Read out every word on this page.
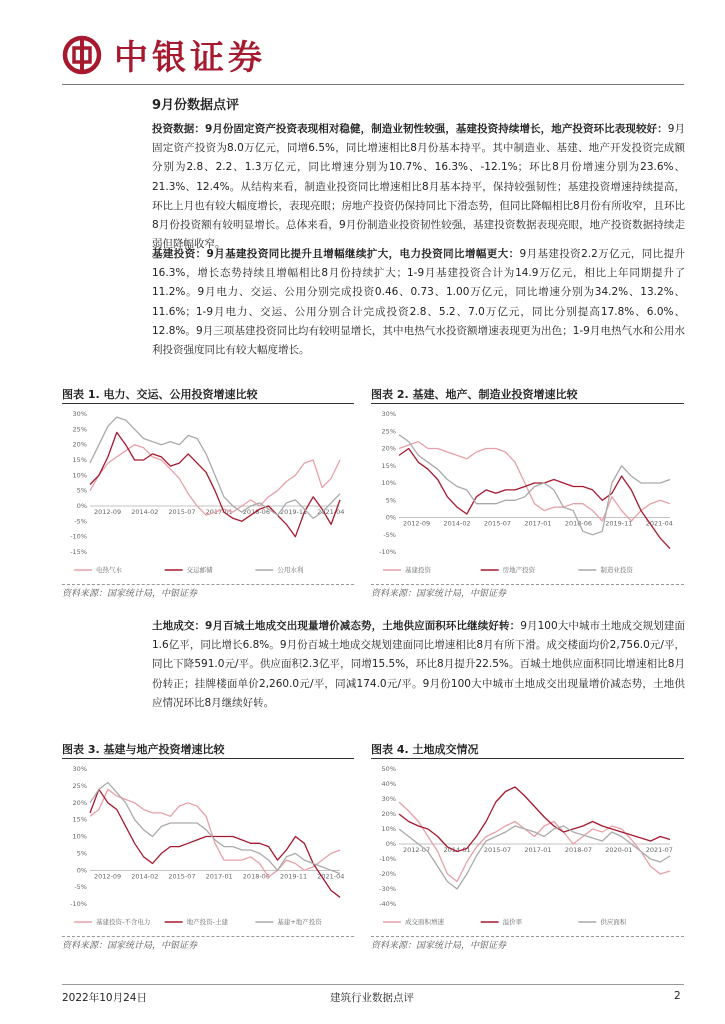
中银证券
9月份数据点评
投资数据：9月份固定资产投资表现相对稳健，制造业韧性较强，基建投资持续增长，地产投资环比表现较好：9月固定资产投资为8.0万亿元，同增6.5%，同比增速相比8月份基本持平。其中制造业、基建、地产开发投资完成额分别为2.8、2.2、1.3万亿元，同比增速分别为10.7%、16.3%、-12.1%；环比8月份增速分别为23.6%、21.3%、12.4%。从结构来看，制造业投资同比增速相比8月基本持平，保持较强韧性；基建投资增速持续提高，环比上月也有较大幅度增长，表现亮眼；房地产投资仍保持同比下滑态势，但同比降幅相比8月份有所收窄，且环比8月份投资额有较明显增长。总体来看，9月份制造业投资韧性较强，基建投资数据表现亮眼，地产投资数据持续走弱但降幅收窄。
基建投资：9月基建投资同比提升且增幅继续扩大，电力投资同比增幅更大：9月基建投资2.2万亿元，同比提升16.3%，增长态势持续且增幅相比8月份持续扩大；1-9月基建投资合计为14.9万亿元，相比上年同期提升了11.2%。9月电力、交运、公用分别完成投资0.46、0.73、1.00万亿元，同比增速分别为34.2%、13.2%、11.6%；1-9月电力、交运、公用分别合计完成投资2.8、5.2、7.0万亿元，同比分别提高17.8%、6.0%、12.8%。9月三项基建投资同比均有较明显增长，其中电热气水投资额增速表现更为出色；1-9月电热气水和公用水利投资强度同比有较大幅度增长。
图表 1. 电力、交运、公用投资增速比较
30%
25%
20%
15%
10%
5%
0%
-5%
-10%
-15%
2012-09 2014-02 2015-07 2017-01 2018-06 2019-11 2021-04
电热气水	交运邮储	公用水利
资料来源：国家统计局，中银证券
图表 2. 基建、地产、制造业投资增速比较
30%
25%
20%
15%
10%
5%
0%
-5%
-10%
2012-09 2014-02 2015-07 2017-01 2018-06 2019-11 2021-04
基建投资	房地产投资	制造业投资
资料来源：国家统计局，中银证券
土地成交：9月百城土地成交出现量增价减态势，土地供应面积环比继续好转：9月100大中城市土地成交规划建面1.6亿平，同比增长6.8%。9月份百城土地成交规划建面同比增速相比8月有所下滑。成交楼面均价2,756.0元/平，同比下降591.0元/平。供应面积2.3亿平，同增15.5%，环比8月提升22.5%。百城土地供应面积同比增速相比8月份转正；挂牌楼面单价2,260.0元/平，同减174.0元/平。9月份100大中城市土地成交出现量增价减态势，土地供应情况环比8月继续好转。
图表 3. 基建与地产投资增速比较
30%
25%
20%
15%
10%
5%
0%
-5%
-10%
2012-09 2014-02 2015-07 2017-01 2018-06 2019-11 2021-04
基建投资-不含电力	地产投资-土建	基建+地产投资
资料来源：国家统计局，中银证券
图表 4. 土地成交情况
50%
40%
30%
20%
10%
0%
-10%
-20%
-30%
-40%
2012-07 2014-01 2015-07 2017-01 2018-07 2020-01 2021-07
成交面积增速	溢价率	供应面积
资料来源：国家统计局，中银证券
2022年10月24日	建筑行业数据点评	2
